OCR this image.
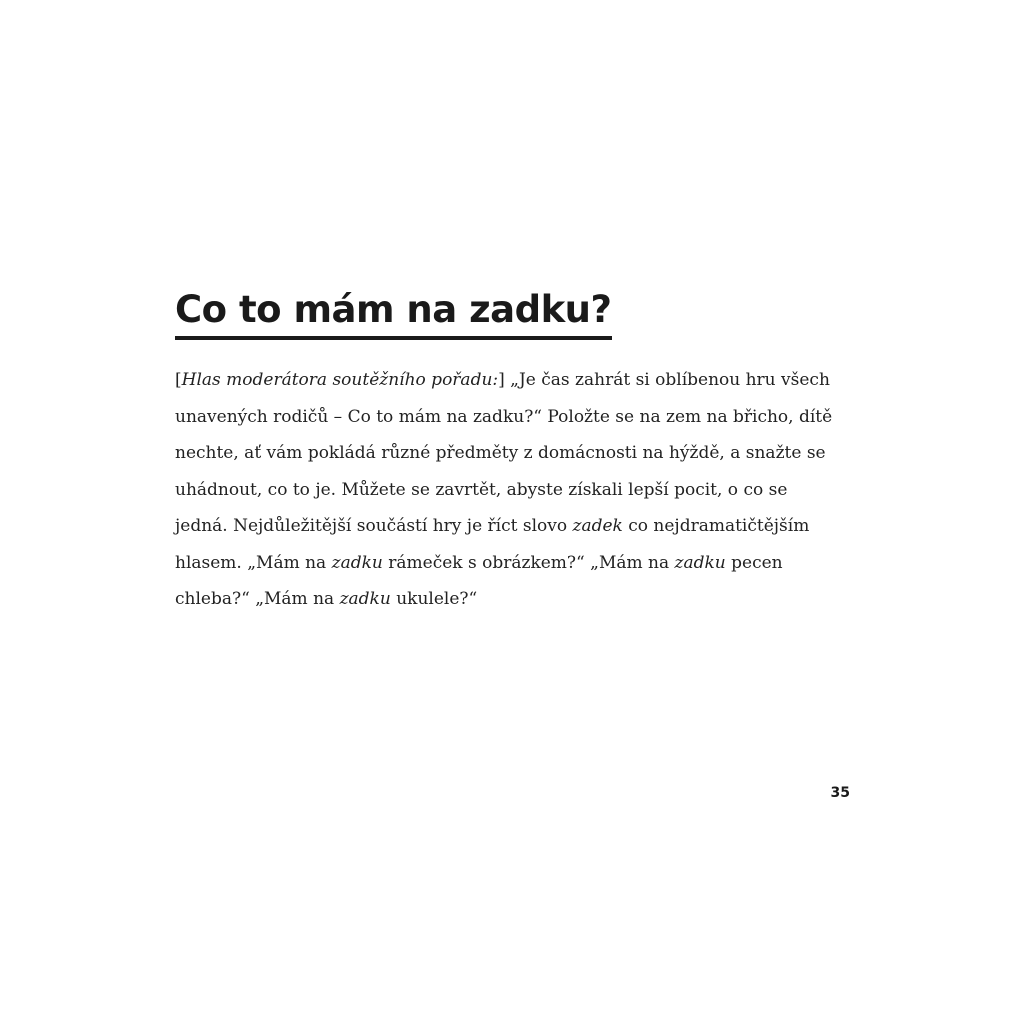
Co to mám na zadku?

[Hlas moderátora soutěžního pořadu:] „Je čas zahrát si oblíbenou hru všech unavených rodičů – Co to mám na zadku?“ Položte se na zem na břicho, dítě nechte, ať vám pokládá různé předměty z domácnosti na hýždě, a snažte se uhádnout, co to je. Můžete se zavrtět, abyste získali lepší pocit, o co se jedná. Nejdůležitější součástí hry je říct slovo zadek co nejdramatičtějším hlasem. „Mám na zadku rámeček s obrázkem?“ „Mám na zadku pecen chleba?“ „Mám na zadku ukulele?“

35
